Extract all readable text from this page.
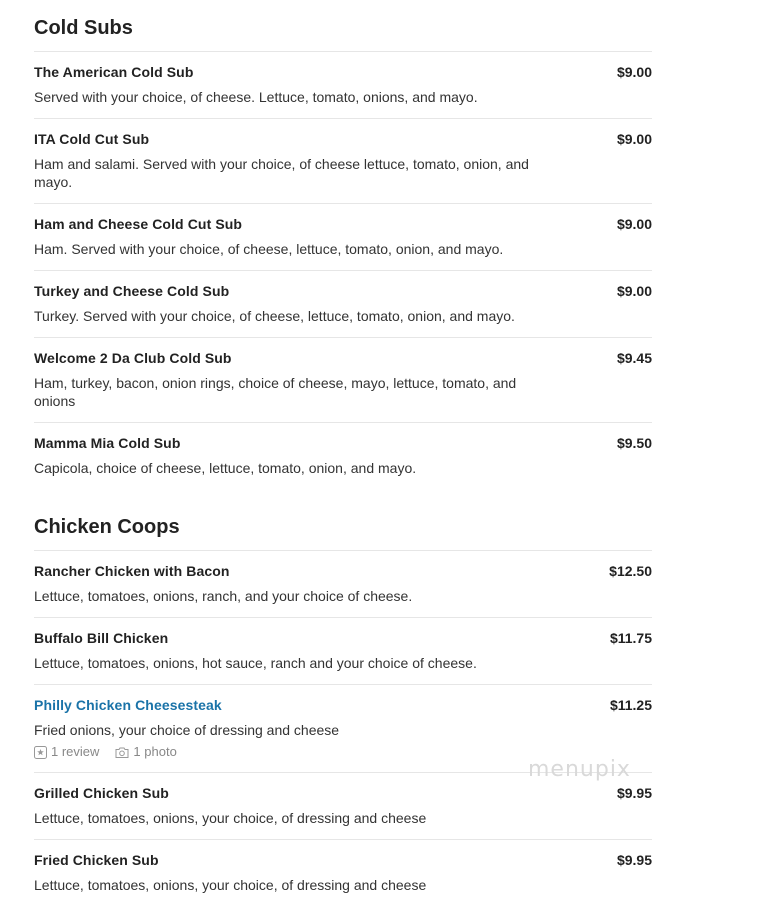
Cold Subs
The American Cold Sub	$9.00
Served with your choice, of cheese. Lettuce, tomato, onions, and mayo.
ITA Cold Cut Sub	$9.00
Ham and salami. Served with your choice, of cheese lettuce, tomato, onion, and mayo.
Ham and Cheese Cold Cut Sub	$9.00
Ham. Served with your choice, of cheese, lettuce, tomato, onion, and mayo.
Turkey and Cheese Cold Sub	$9.00
Turkey. Served with your choice, of cheese, lettuce, tomato, onion, and mayo.
Welcome 2 Da Club Cold Sub	$9.45
Ham, turkey, bacon, onion rings, choice of cheese, mayo, lettuce, tomato, and onions
Mamma Mia Cold Sub	$9.50
Capicola, choice of cheese, lettuce, tomato, onion, and mayo.
Chicken Coops
Rancher Chicken with Bacon	$12.50
Lettuce, tomatoes, onions, ranch, and your choice of cheese.
Buffalo Bill Chicken	$11.75
Lettuce, tomatoes, onions, hot sauce, ranch and your choice of cheese.
Philly Chicken Cheesesteak	$11.25
Fried onions, your choice of dressing and cheese
1 review	1 photo
Grilled Chicken Sub	$9.95
Lettuce, tomatoes, onions, your choice, of dressing and cheese
Fried Chicken Sub	$9.95
Lettuce, tomatoes, onions, your choice, of dressing and cheese
menupix
